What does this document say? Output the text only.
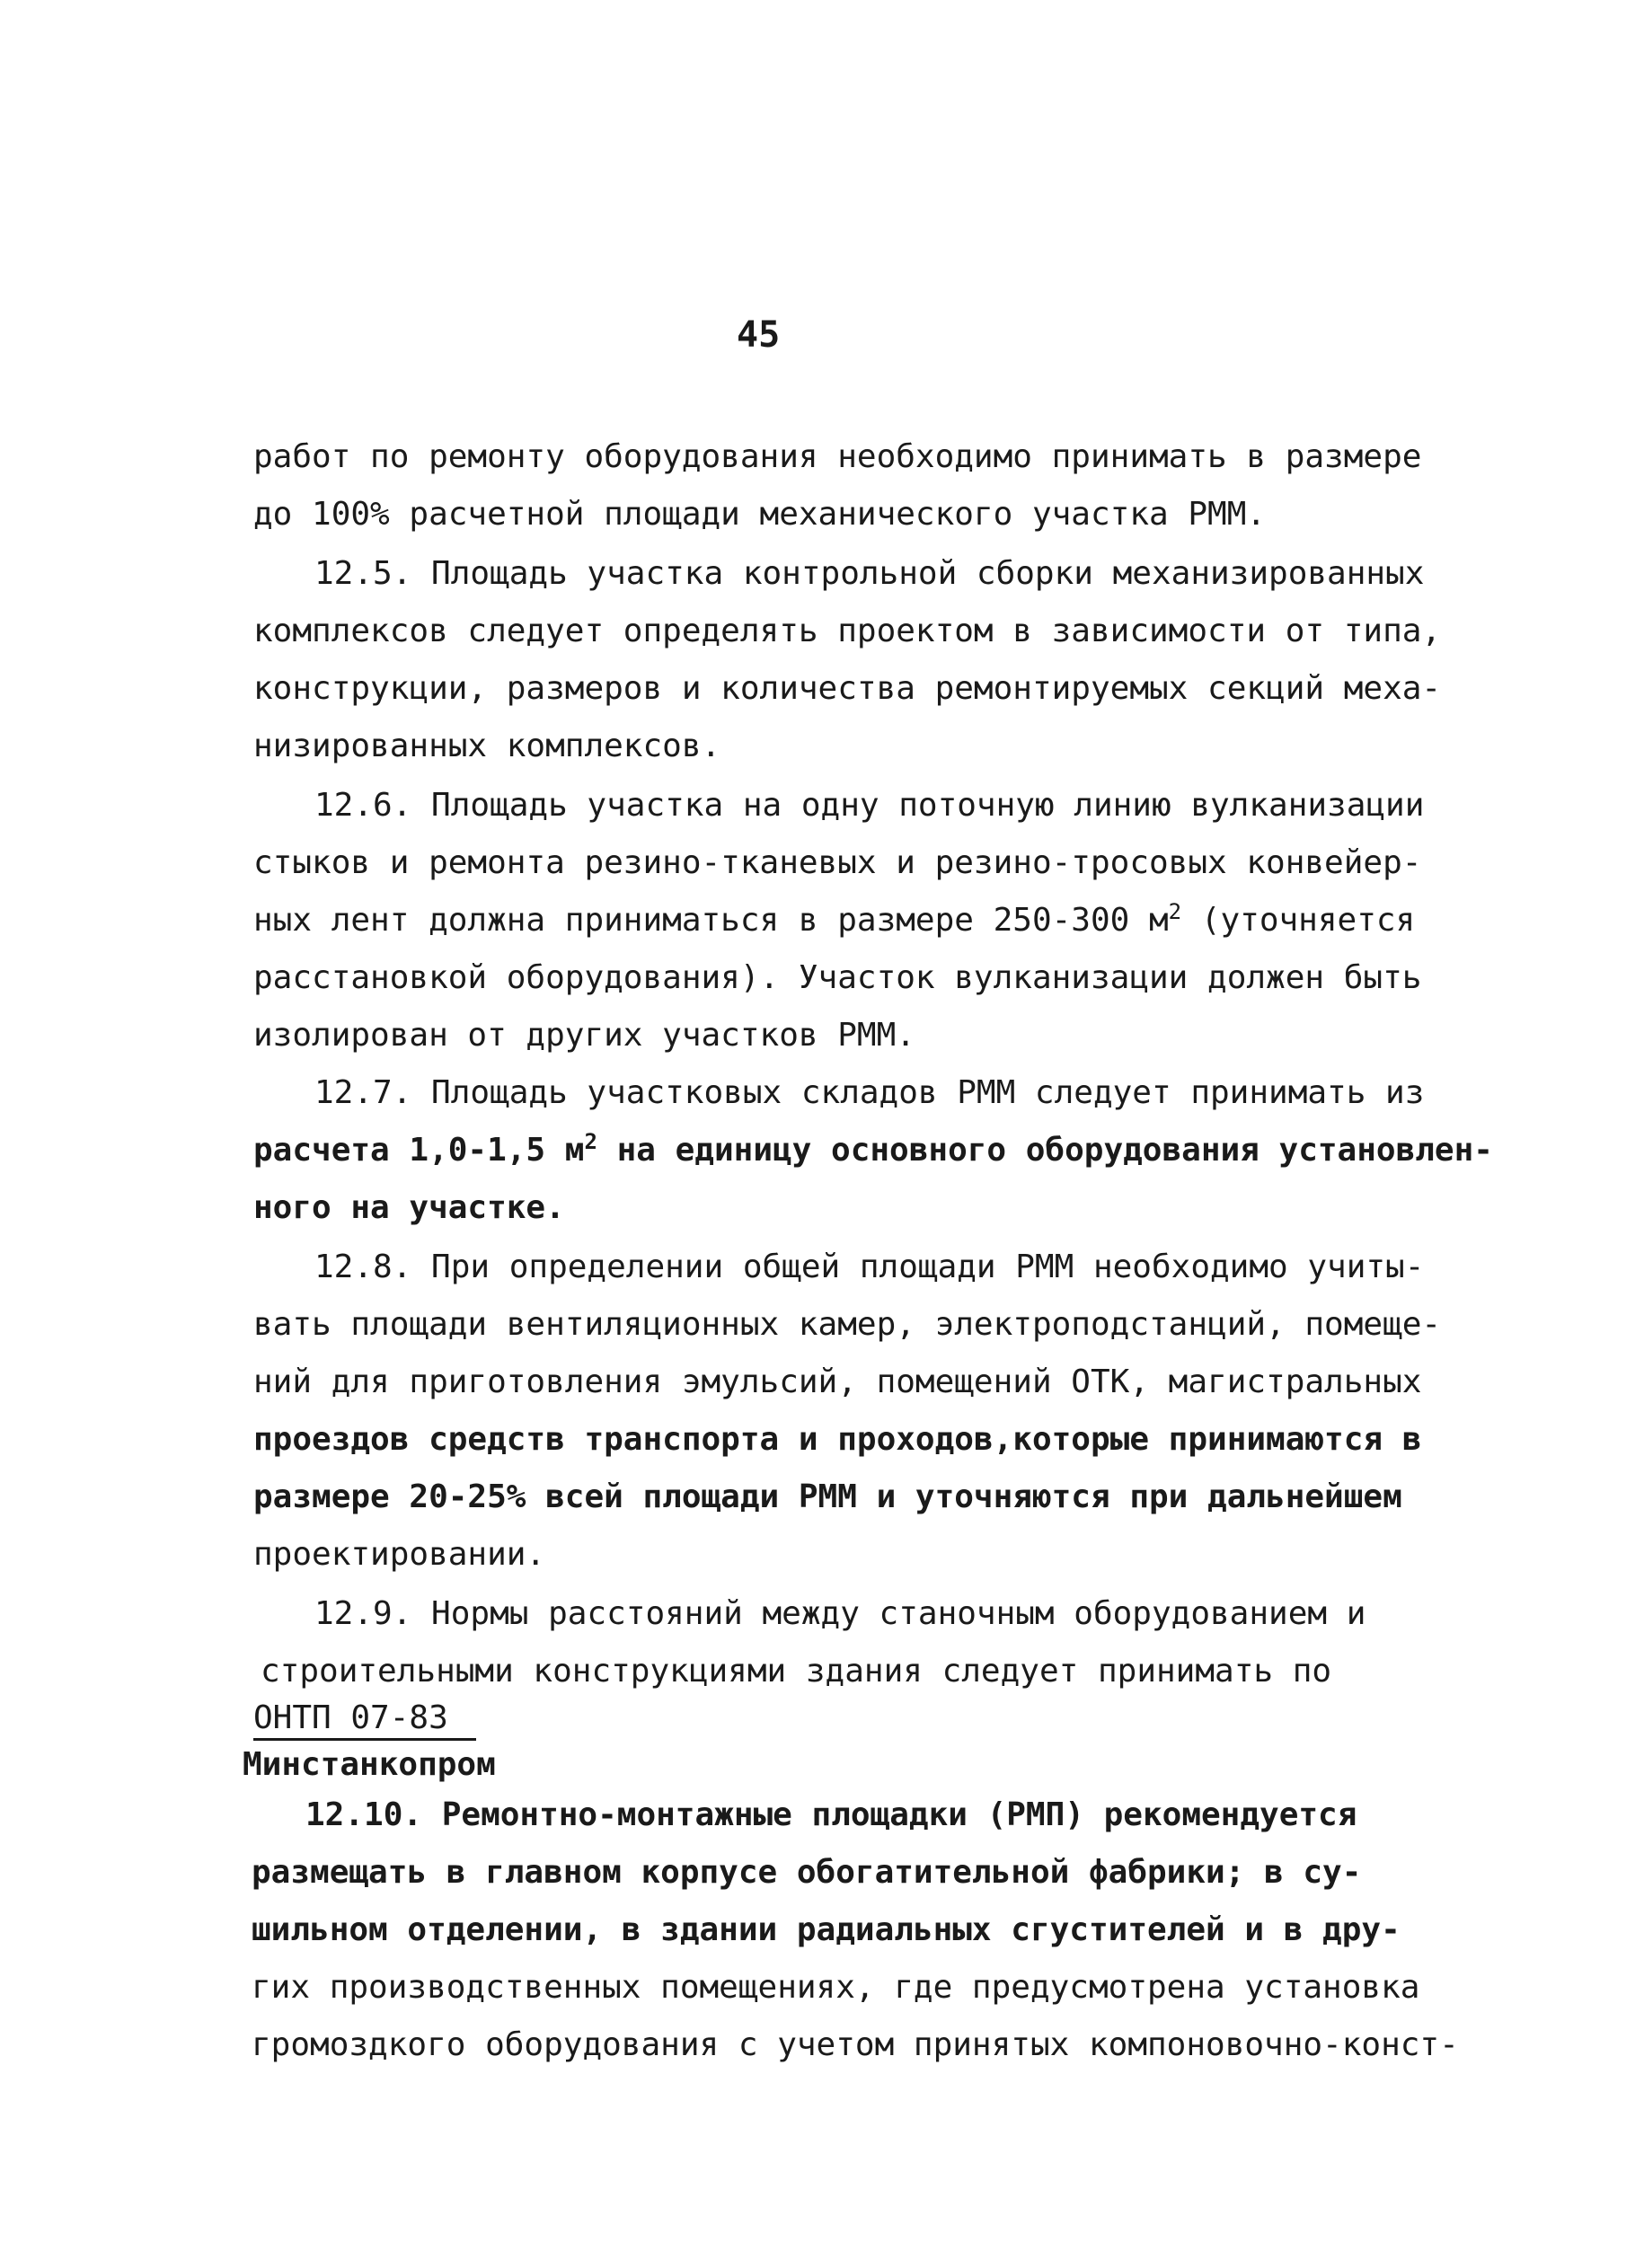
45
работ по ремонту оборудования необходимо принимать в размере
до 100% расчетной площади механического участка РММ.
12.5. Площадь участка контрольной сборки механизированных
комплексов следует определять проектом в зависимости от типа,
конструкции, размеров и количества ремонтируемых секций меха-
низированных комплексов.
12.6. Площадь участка на одну поточную линию вулканизации
стыков и ремонта резино-тканевых и резино-тросовых конвейер-
ных лент должна приниматься в размере 250-300 $м^2$ (уточняется
расстановкой оборудования). Участок вулканизации должен быть
изолирован от других участков РММ.
12.7. Площадь участковых складов РММ следует принимать из
расчета 1,0-1,5 $м^2$ на единицу основного оборудования установлен-
ного на участке.
12.8. При определении общей площади РММ необходимо учиты-
вать площади вентиляционных камер, электроподстанций, помеще-
ний для приготовления эмульсий, помещений ОТК, магистральных
проездов средств транспорта и проходов,которые принимаются в
размере 20-25% всей площади РММ и уточняются при дальнейшем
проектировании.
12.9. Нормы расстояний между станочным оборудованием и
строительными конструкциями здания следует принимать по
ОНТП 07-83
Минстанкопром
12.10. Ремонтно-монтажные площадки (РМП) рекомендуется
размещать в главном корпусе обогатительной фабрики; в су-
шильном отделении, в здании радиальных сгустителей и в дру-
гих производственных помещениях, где предусмотрена установка
громоздкого оборудования с учетом принятых компоновочно-конст-
